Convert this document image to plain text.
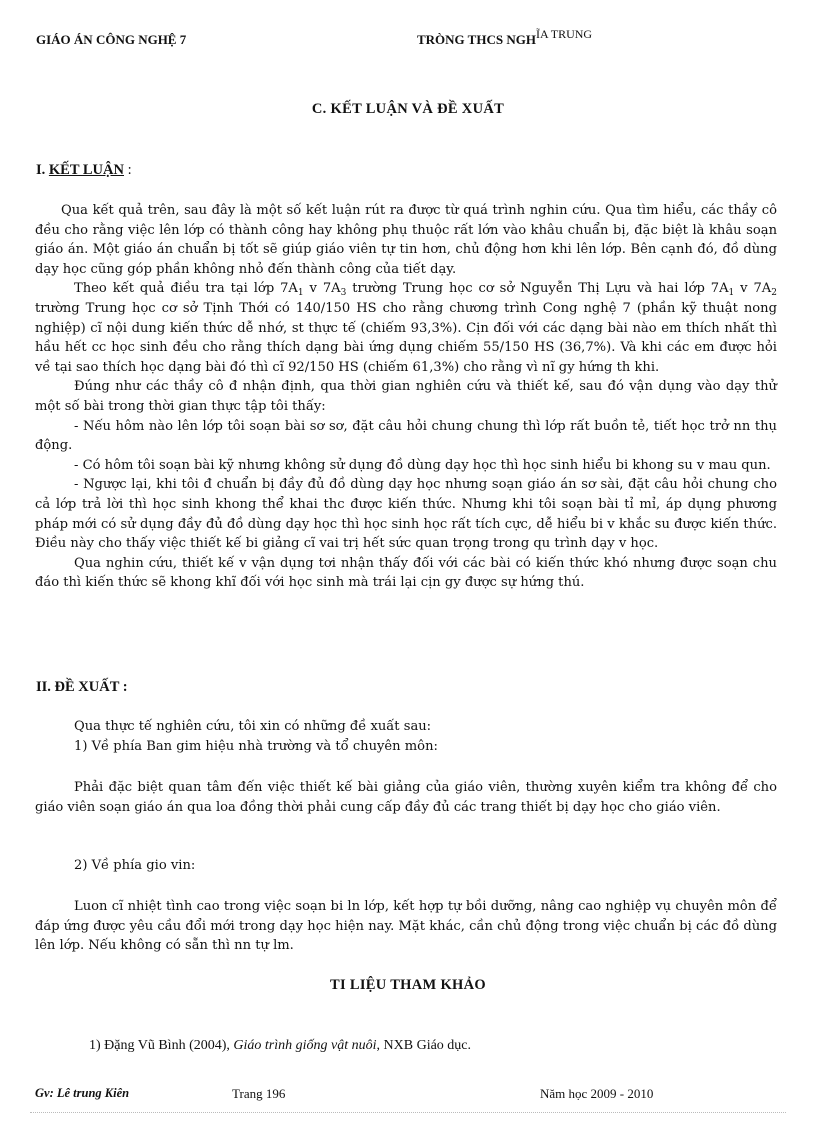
GIÁO ÁN CÔNG NGHỆ 7	TRÒNG THCS NGHĨA TRUNG
C. KẾT LUẬN VÀ ĐỀ XUẤT
I. KẾT LUẬN :

Qua kết quả trên, sau đây là một số kết luận rút ra được từ quá trình nghin cứu. Qua tìm hiểu, các thầy cô đều cho rằng việc lên lớp có thành công hay không phụ thuộc rất lớn vào khâu chuẩn bị, đặc biệt là khâu soạn giáo án. Một giáo án chuẩn bị tốt sẽ giúp giáo viên tự tin hơn, chủ động hơn khi lên lớp. Bên cạnh đó, đồ dùng dạy học cũng góp phần không nhỏ đến thành công của tiết dạy.

Theo kết quả điều tra tại lớp $7A_1$ v $7A_3$ trường Trung học cơ sở Nguyễn Thị Lựu và hai lớp $7A_1$ v $7A_2$ trường Trung học cơ sở Tịnh Thới có 140/150 HS cho rằng chương trình Cong nghệ 7 (phần kỹ thuật nong nghiệp) cĩ nội dung kiến thức dễ nhớ, st thực tế (chiếm 93,3%). Cịn đối với các dạng bài nào em thích nhất thì hầu hết cc học sinh đều cho rằng thích dạng bài ứng dụng chiếm 55/150 HS (36,7%). Và khi các em được hỏi về tại sao thích học dạng bài đó thì cĩ 92/150 HS (chiếm 61,3%) cho rằng vì nĩ gy hứng th khi.

Đúng như các thầy cô đ nhận định, qua thời gian nghiên cứu và thiết kế, sau đó vận dụng vào dạy thử một số bài trong thời gian thực tập tôi thấy:

- Nếu hôm nào lên lớp tôi soạn bài sơ sơ, đặt câu hỏi chung chung thì lớp rất buồn tẻ, tiết học trở nn thụ động.

- Có hôm tôi soạn bài kỹ nhưng không sử dụng đồ dùng dạy học thì học sinh hiểu bi khong su v mau qun.

- Ngược lại, khi tôi đ chuẩn bị đầy đủ đồ dùng dạy học nhưng soạn giáo án sơ sài, đặt câu hỏi chung cho cả lớp trả lời thì học sinh khong thể khai thc được kiến thức. Nhưng khi tôi soạn bài tỉ mỉ, áp dụng phương pháp mới có sử dụng đầy đủ đồ dùng dạy học thì học sinh học rất tích cực, dễ hiểu bi v khắc su được kiến thức. Điều này cho thấy việc thiết kế bi giảng cĩ vai trị hết sức quan trọng trong qu trình dạy v học.

Qua nghin cứu, thiết kế v vận dụng tơi nhận thấy đối với các bài có kiến thức khó nhưng được soạn chu đáo thì kiến thức sẽ khong khĩ đối với học sinh mà trái lại cịn gy được sự hứng thú.

II. ĐỀ XUẤT :

Qua thực tế nghiên cứu, tôi xin có những đề xuất sau:

1) Về phía Ban gim hiệu nhà trường và tổ chuyên môn:

Phải đặc biệt quan tâm đến việc thiết kế bài giảng của giáo viên, thường xuyên kiểm tra không để cho giáo viên soạn giáo án qua loa đồng thời phải cung cấp đầy đủ các trang thiết bị dạy học cho giáo viên.

2) Về phía gio vin:

Luon cĩ nhiệt tình cao trong việc soạn bi ln lớp, kết hợp tự bồi dưỡng, nâng cao nghiệp vụ chuyên môn để đáp ứng được yêu cầu đổi mới trong dạy học hiện nay. Mặt khác, cần chủ động trong việc chuẩn bị các đồ dùng lên lớp. Nếu không có sẵn thì nn tự lm.

TI LIỆU THAM KHẢO
1) Đặng Vũ Bình (2004), Giáo trình giống vật nuôi, NXB Giáo dục.
Gv: Lê trung Kiên	Trang 196	Năm học 2009 - 2010
